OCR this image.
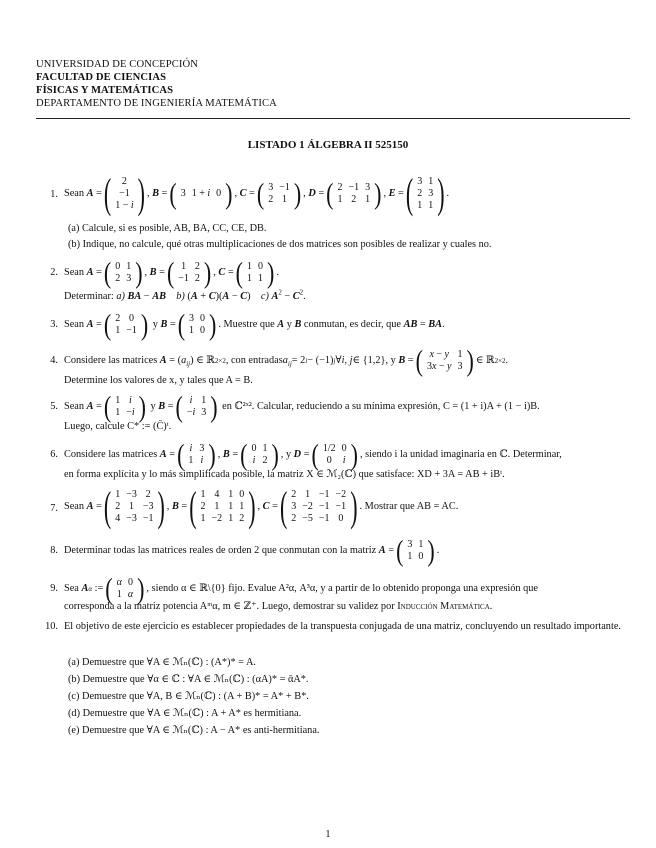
UNIVERSIDAD DE CONCEPCIÓN
FACULTAD DE CIENCIAS
FÍSICAS Y MATEMÁTICAS
DEPARTAMENTO DE INGENIERÍA MATEMÁTICA
LISTADO 1 ÁLGEBRA II 525150
1. Sean A = ( 2
−1
1 − i ) , B = ( 3	1 + i	0 ) , C = ( 3	−1
2	1 ) , D = ( 2	−1	3
1	2	1 ) , E = ( 3	1
2	3
1	1 ) .
(a) Calcule, si es posible, AB, BA, CC, CE, DB.
(b) Indique, no calcule, qué otras multiplicaciones de dos matrices son posibles de realizar y cuales no.
2. Sean A = ( 0	1
2	3 ) , B = ( 1	2
−1	2 ) , C = ( 1	0
1	1 ) .
Determinar: a) BA − AB b) (A + C)(A − C)    c) $A^2 - C^2$.
3. Sean A = ( 2	0
1	−1 ) y B = ( 3	0
1	0 ) . Muestre que A y B conmutan, es decir, que AB = BA .
4. Considere las matrices A = ( $a_{ij}$ ) ∈ ℝ 2×2 , con entradas $a_{ij} = 2$ i − (−1) j ∀ i, j ∈ {1,2}, y B = ( x − y	1
3x − y	3 ) ∈ ℝ 2×2 .
Determine los valores de x, y tales que A = B.
5. Sean A = ( 1	i
1	−i ) y B = ( i	1
−i	3 )
en ℂ²ˣ². Calcular, reduciendo a su mínima expresión, C = (1 + i)A + (1 − i)B.
Luego, calcule C* := (C̄)ᵗ.
6. Considere las matrices A = ( i	3
1	i ) , B = ( 0	1
i	2 ) , y D = ( 1/2	0
0	i ) , siendo i la unidad imaginaria en ℂ. Determinar,
en forma explícita y lo más simplificada posible, la matriz X ∈ ℳ₂(ℂ) que satisface: XD + 3A = AB + iBᵗ.
7. Sean A = ( 1	−3	2
2	1	−3
4	−3	−1 ) , B = ( 1	4	1	0
2	1	1	1
1	−2	1	2 ) , C = ( 2	1	−1	−2
3	−2	−1	−1
2	−5	−1	0 ) . Mostrar que AB = AC.
8. Determinar todas las matrices reales de orden 2 que conmutan con la matriz
A = ( 3	1
1	0 ) .
9. Sea A α := ( α	0
1	α ) , siendo α ∈ ℝ\{0} fijo. Evalue A²α, A³α, y a partir de lo obtenido proponga una expresión que
corresponda a la matriz potencia Aᵐα, m ∈ ℤ⁺. Luego, demostrar su validez por Inducción Matemática.
10. El objetivo de este ejercicio es establecer propiedades de la transpuesta conjugada de una matriz, concluyendo un resultado importante.
(a) Demuestre que ∀A ∈ ℳₙ(ℂ) : (A*)* = A.
(b) Demuestre que ∀α ∈ ℂ : ∀A ∈ ℳₙ(ℂ) : (αA)* = ᾱA*.
(c) Demuestre que ∀A, B ∈ ℳₙ(ℂ) : (A + B)* = A* + B*.
(d) Demuestre que ∀A ∈ ℳₙ(ℂ) : A + A* es hermitiana.
(e) Demuestre que ∀A ∈ ℳₙ(ℂ) : A − A* es anti-hermitiana.
1
